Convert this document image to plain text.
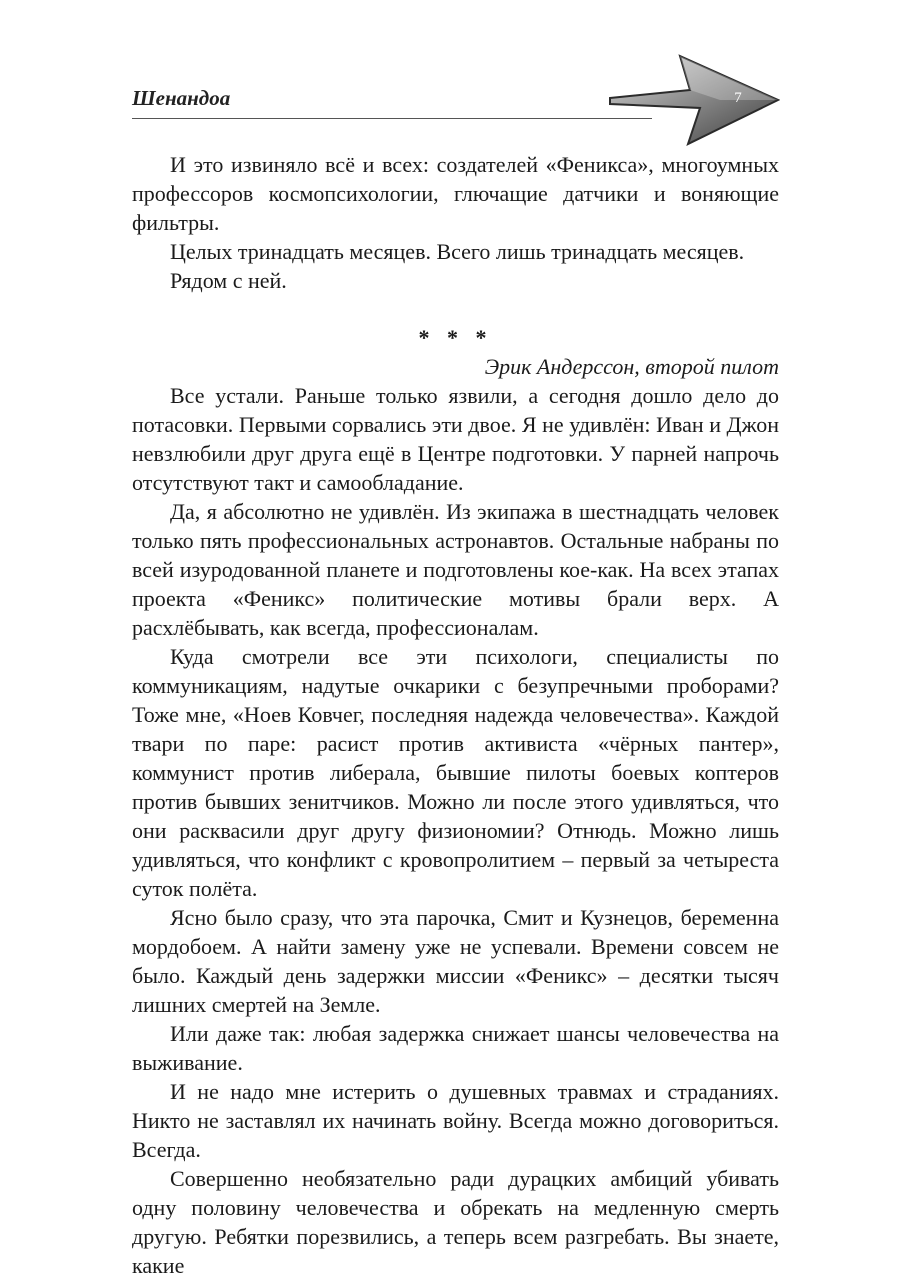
Шенандоа	7

И это извиняло всё и всех: создателей «Феникса», многоумных профессоров космопсихологии, глючащие датчики и воняющие фильтры.

Целых тринадцать месяцев. Всего лишь тринадцать месяцев.

Рядом с ней.

* * *
Эрик Андерссон, второй пилот

Все устали. Раньше только язвили, а сегодня дошло дело до потасовки. Первыми сорвались эти двое. Я не удивлён: Иван и Джон невзлюбили друг друга ещё в Центре подготовки. У парней напрочь отсутствуют такт и самообладание.

Да, я абсолютно не удивлён. Из экипажа в шестнадцать человек только пять профессиональных астронавтов. Остальные набраны по всей изуродованной планете и подготовлены кое-как. На всех этапах проекта «Феникс» политические мотивы брали верх. А расхлёбывать, как всегда, профессионалам.

Куда смотрели все эти психологи, специалисты по коммуникациям, надутые очкарики с безупречными проборами? Тоже мне, «Ноев Ковчег, последняя надежда человечества». Каждой твари по паре: расист против активиста «чёрных пантер», коммунист против либерала, бывшие пилоты боевых коптеров против бывших зенитчиков. Можно ли после этого удивляться, что они расквасили друг другу физиономии? Отнюдь. Можно лишь удивляться, что конфликт с кровопролитием – первый за четыреста суток полёта.

Ясно было сразу, что эта парочка, Смит и Кузнецов, беременна мордобоем. А найти замену уже не успевали. Времени совсем не было. Каждый день задержки миссии «Феникс» – десятки тысяч лишних смертей на Земле.

Или даже так: любая задержка снижает шансы человечества на выживание.

И не надо мне истерить о душевных травмах и страданиях. Никто не заставлял их начинать войну. Всегда можно договориться. Всегда.

Совершенно необязательно ради дурацких амбиций убивать одну половину человечества и обрекать на медленную смерть другую. Ребятки порезвились, а теперь всем разгребать. Вы знаете, какие
